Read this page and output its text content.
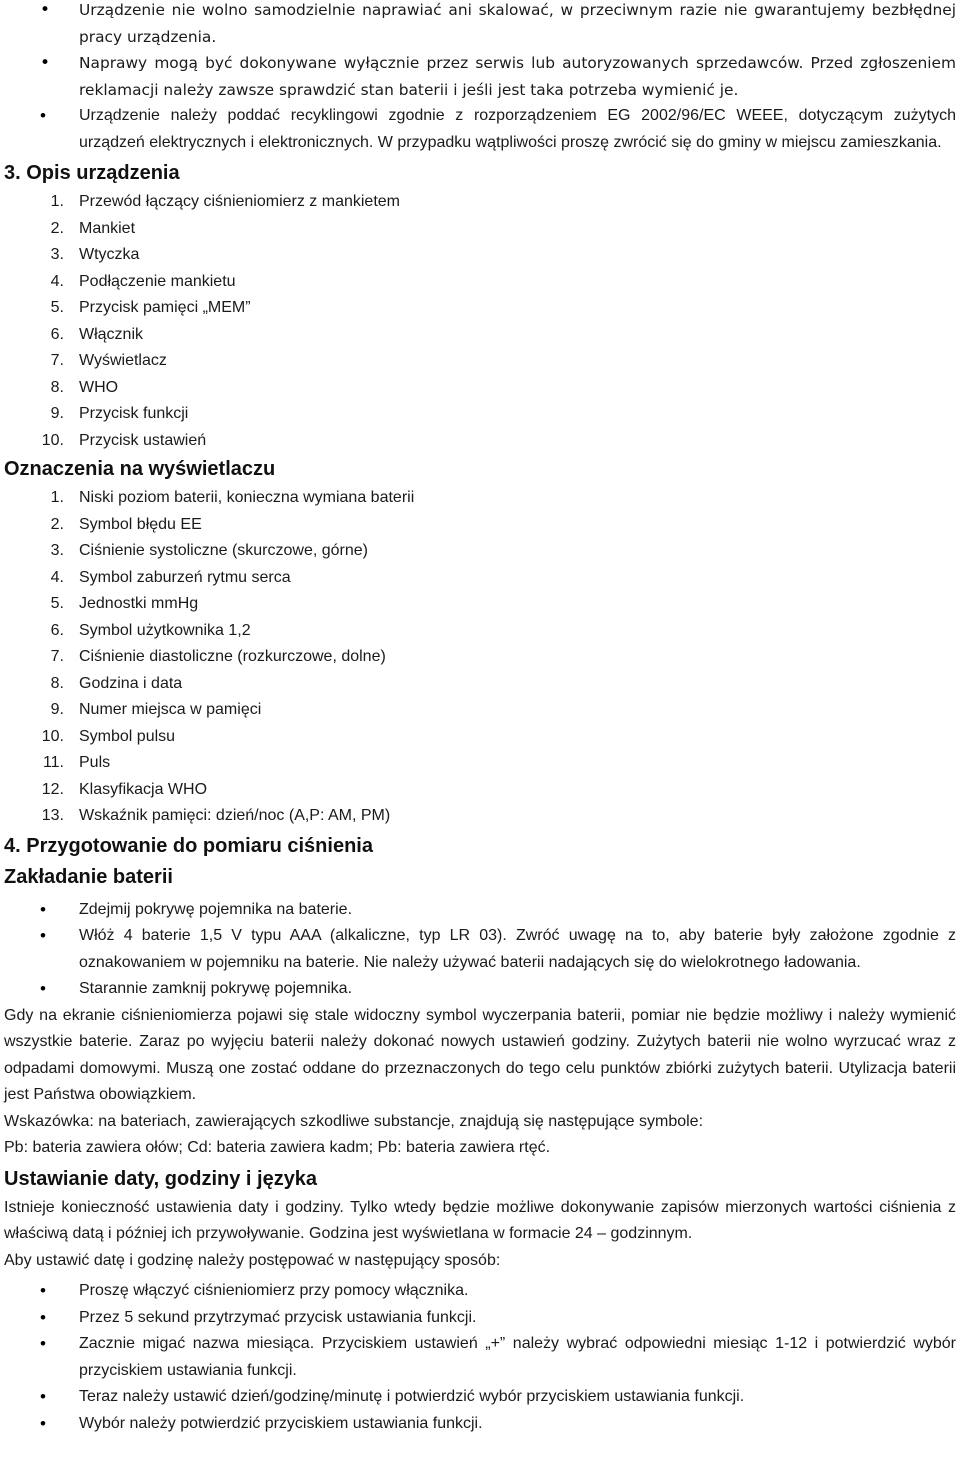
• Urządzenie nie wolno samodzielnie naprawiać ani skalować, w przeciwnym razie nie gwarantujemy bezbłędnej pracy urządzenia.
• Naprawy mogą być dokonywane wyłącznie przez serwis lub autoryzowanych sprzedawców. Przed zgłoszeniem reklamacji należy zawsze sprawdzić stan baterii i jeśli jest taka potrzeba wymienić je.
• Urządzenie należy poddać recyklingowi zgodnie z rozporządzeniem EG 2002/96/EC WEEE, dotyczącym zużytych urządzeń elektrycznych i elektronicznych. W przypadku wątpliwości proszę zwrócić się do gminy w miejscu zamieszkania.
3. Opis urządzenia
1. Przewód łączący ciśnieniomierz z mankietem
2. Mankiet
3. Wtyczka
4. Podłączenie mankietu
5. Przycisk pamięci „MEM”
6. Włącznik
7. Wyświetlacz
8. WHO
9. Przycisk funkcji
10. Przycisk ustawień
Oznaczenia na wyświetlaczu
1. Niski poziom baterii, konieczna wymiana baterii
2. Symbol błędu EE
3. Ciśnienie systoliczne (skurczowe, górne)
4. Symbol zaburzeń rytmu serca
5. Jednostki mmHg
6. Symbol użytkownika 1,2
7. Ciśnienie diastoliczne (rozkurczowe, dolne)
8. Godzina i data
9. Numer miejsca w pamięci
10. Symbol pulsu
11. Puls
12. Klasyfikacja WHO
13. Wskaźnik pamięci: dzień/noc (A,P: AM, PM)
4. Przygotowanie do pomiaru ciśnienia
Zakładanie baterii
• Zdejmij pokrywę pojemnika na baterie.
• Włóż 4 baterie 1,5 V typu AAA (alkaliczne, typ LR 03). Zwróć uwagę na to, aby baterie były założone zgodnie z oznakowaniem w pojemniku na baterie. Nie należy używać baterii nadających się do wielokrotnego ładowania.
• Starannie zamknij pokrywę pojemnika.

Gdy na ekranie ciśnieniomierza pojawi się stale widoczny symbol wyczerpania baterii, pomiar nie będzie możliwy i należy wymienić wszystkie baterie. Zaraz po wyjęciu baterii należy dokonać nowych ustawień godziny. Zużytych baterii nie wolno wyrzucać wraz z odpadami domowymi. Muszą one zostać oddane do przeznaczonych do tego celu punktów zbiórki zużytych baterii. Utylizacja baterii jest Państwa obowiązkiem.

Wskazówka: na bateriach, zawierających szkodliwe substancje, znajdują się następujące symbole:

Pb: bateria zawiera ołów; Cd: bateria zawiera kadm; Pb: bateria zawiera rtęć.

Ustawianie daty, godziny i języka

Istnieje konieczność ustawienia daty i godziny. Tylko wtedy będzie możliwe dokonywanie zapisów mierzonych wartości ciśnienia z właściwą datą i później ich przywoływanie. Godzina jest wyświetlana w formacie 24 – godzinnym.

Aby ustawić datę i godzinę należy postępować w następujący sposób:

• Proszę włączyć ciśnieniomierz przy pomocy włącznika.
• Przez 5 sekund przytrzymać przycisk ustawiania funkcji.
• Zacznie migać nazwa miesiąca. Przyciskiem ustawień „+” należy wybrać odpowiedni miesiąc 1-12 i potwierdzić wybór przyciskiem ustawiania funkcji.
• Teraz należy ustawić dzień/godzinę/minutę i potwierdzić wybór przyciskiem ustawiania funkcji.
• Wybór należy potwierdzić przyciskiem ustawiania funkcji.
